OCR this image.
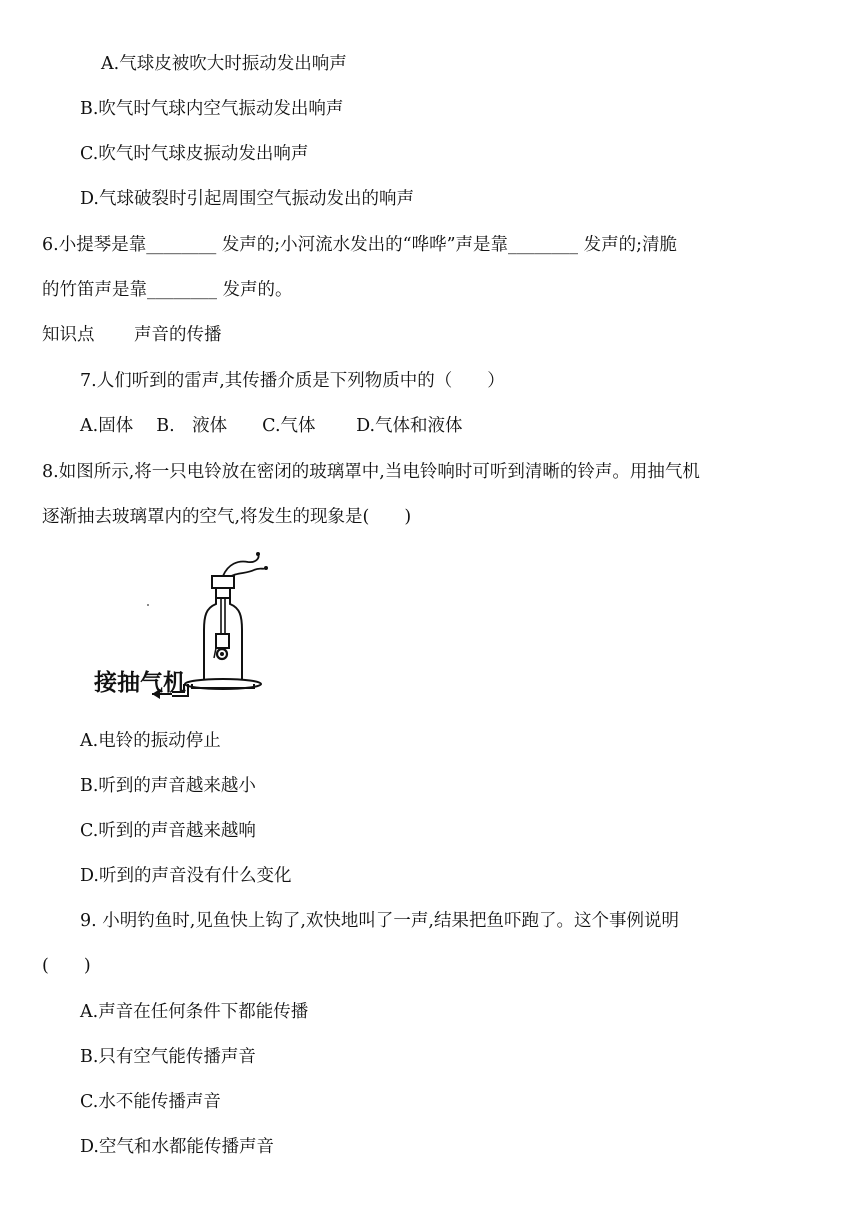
A.气球皮被吹大时振动发出响声
B.吹气时气球内空气振动发出响声
C.吹气时气球皮振动发出响声
D.气球破裂时引起周围空气振动发出的响声
6.小提琴是靠________ 发声的;小河流水发出的“哗哗”声是靠________ 发声的;清脆
的竹笛声是靠________ 发声的。
知识点 声音的传播
7.人们听到的雷声,其传播介质是下列物质中的（　　）
A.固体　 B.　液体　　C.气体　　 D.气体和液体
8.如图所示,将一只电铃放在密闭的玻璃罩中,当电铃响时可听到清晰的铃声。用抽气机
逐渐抽去玻璃罩内的空气,将发生的现象是(　　)
接抽气机
A.电铃的振动停止
B.听到的声音越来越小
C.听到的声音越来越响
D.听到的声音没有什么变化
9. 小明钓鱼时,见鱼快上钩了,欢快地叫了一声,结果把鱼吓跑了。这个事例说明
(　　)
A.声音在任何条件下都能传播
B.只有空气能传播声音
C.水不能传播声音
D.空气和水都能传播声音
